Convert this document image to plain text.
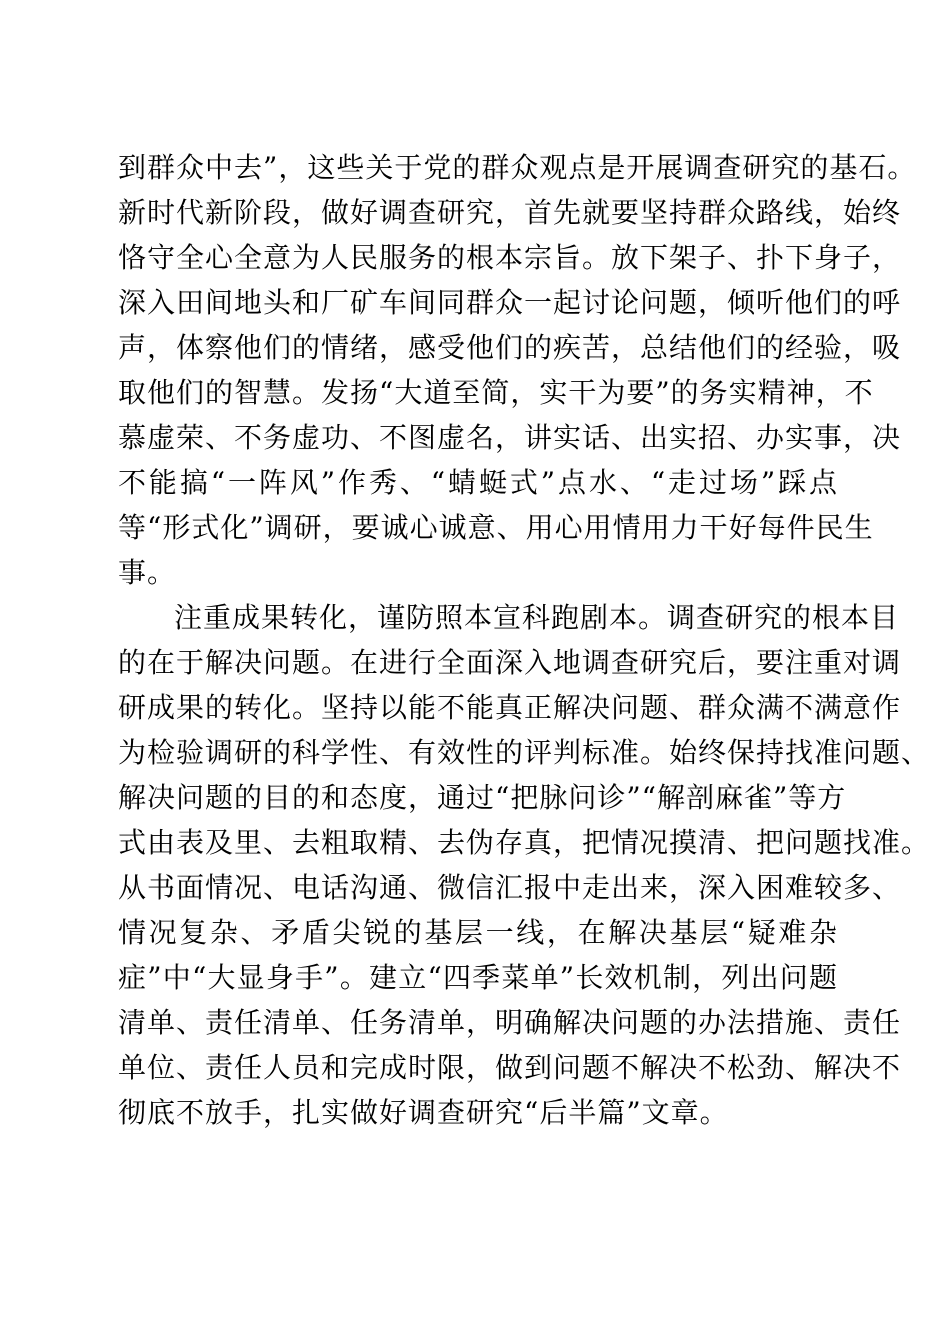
到群众中去”，这些关于党的群众观点是开展调查研究的基石。
新时代新阶段，做好调查研究，首先就要坚持群众路线，始终
恪守全心全意为人民服务的根本宗旨。放下架子、扑下身子，
深入田间地头和厂矿车间同群众一起讨论问题，倾听他们的呼
声，体察他们的情绪，感受他们的疾苦，总结他们的经验，吸
取他们的智慧。发扬“大道至简，实干为要”的务实精神，不
慕虚荣、不务虚功、不图虚名，讲实话、出实招、办实事，决
不能搞“一阵风”作秀、“蜻蜓式”点水、“走过场”踩点
等“形式化”调研，要诚心诚意、用心用情用力干好每件民生
事。
注重成果转化，谨防照本宣科跑剧本。调查研究的根本目
的在于解决问题。在进行全面深入地调查研究后，要注重对调
研成果的转化。坚持以能不能真正解决问题、群众满不满意作
为检验调研的科学性、有效性的评判标准。始终保持找准问题、
解决问题的目的和态度，通过“把脉问诊”“解剖麻雀”等方
式由表及里、去粗取精、去伪存真，把情况摸清、把问题找准。
从书面情况、电话沟通、微信汇报中走出来，深入困难较多、
情况复杂、矛盾尖锐的基层一线，在解决基层“疑难杂
症”中“大显身手”。建立“四季菜单”长效机制，列出问题
清单、责任清单、任务清单，明确解决问题的办法措施、责任
单位、责任人员和完成时限，做到问题不解决不松劲、解决不
彻底不放手，扎实做好调查研究“后半篇”文章。
